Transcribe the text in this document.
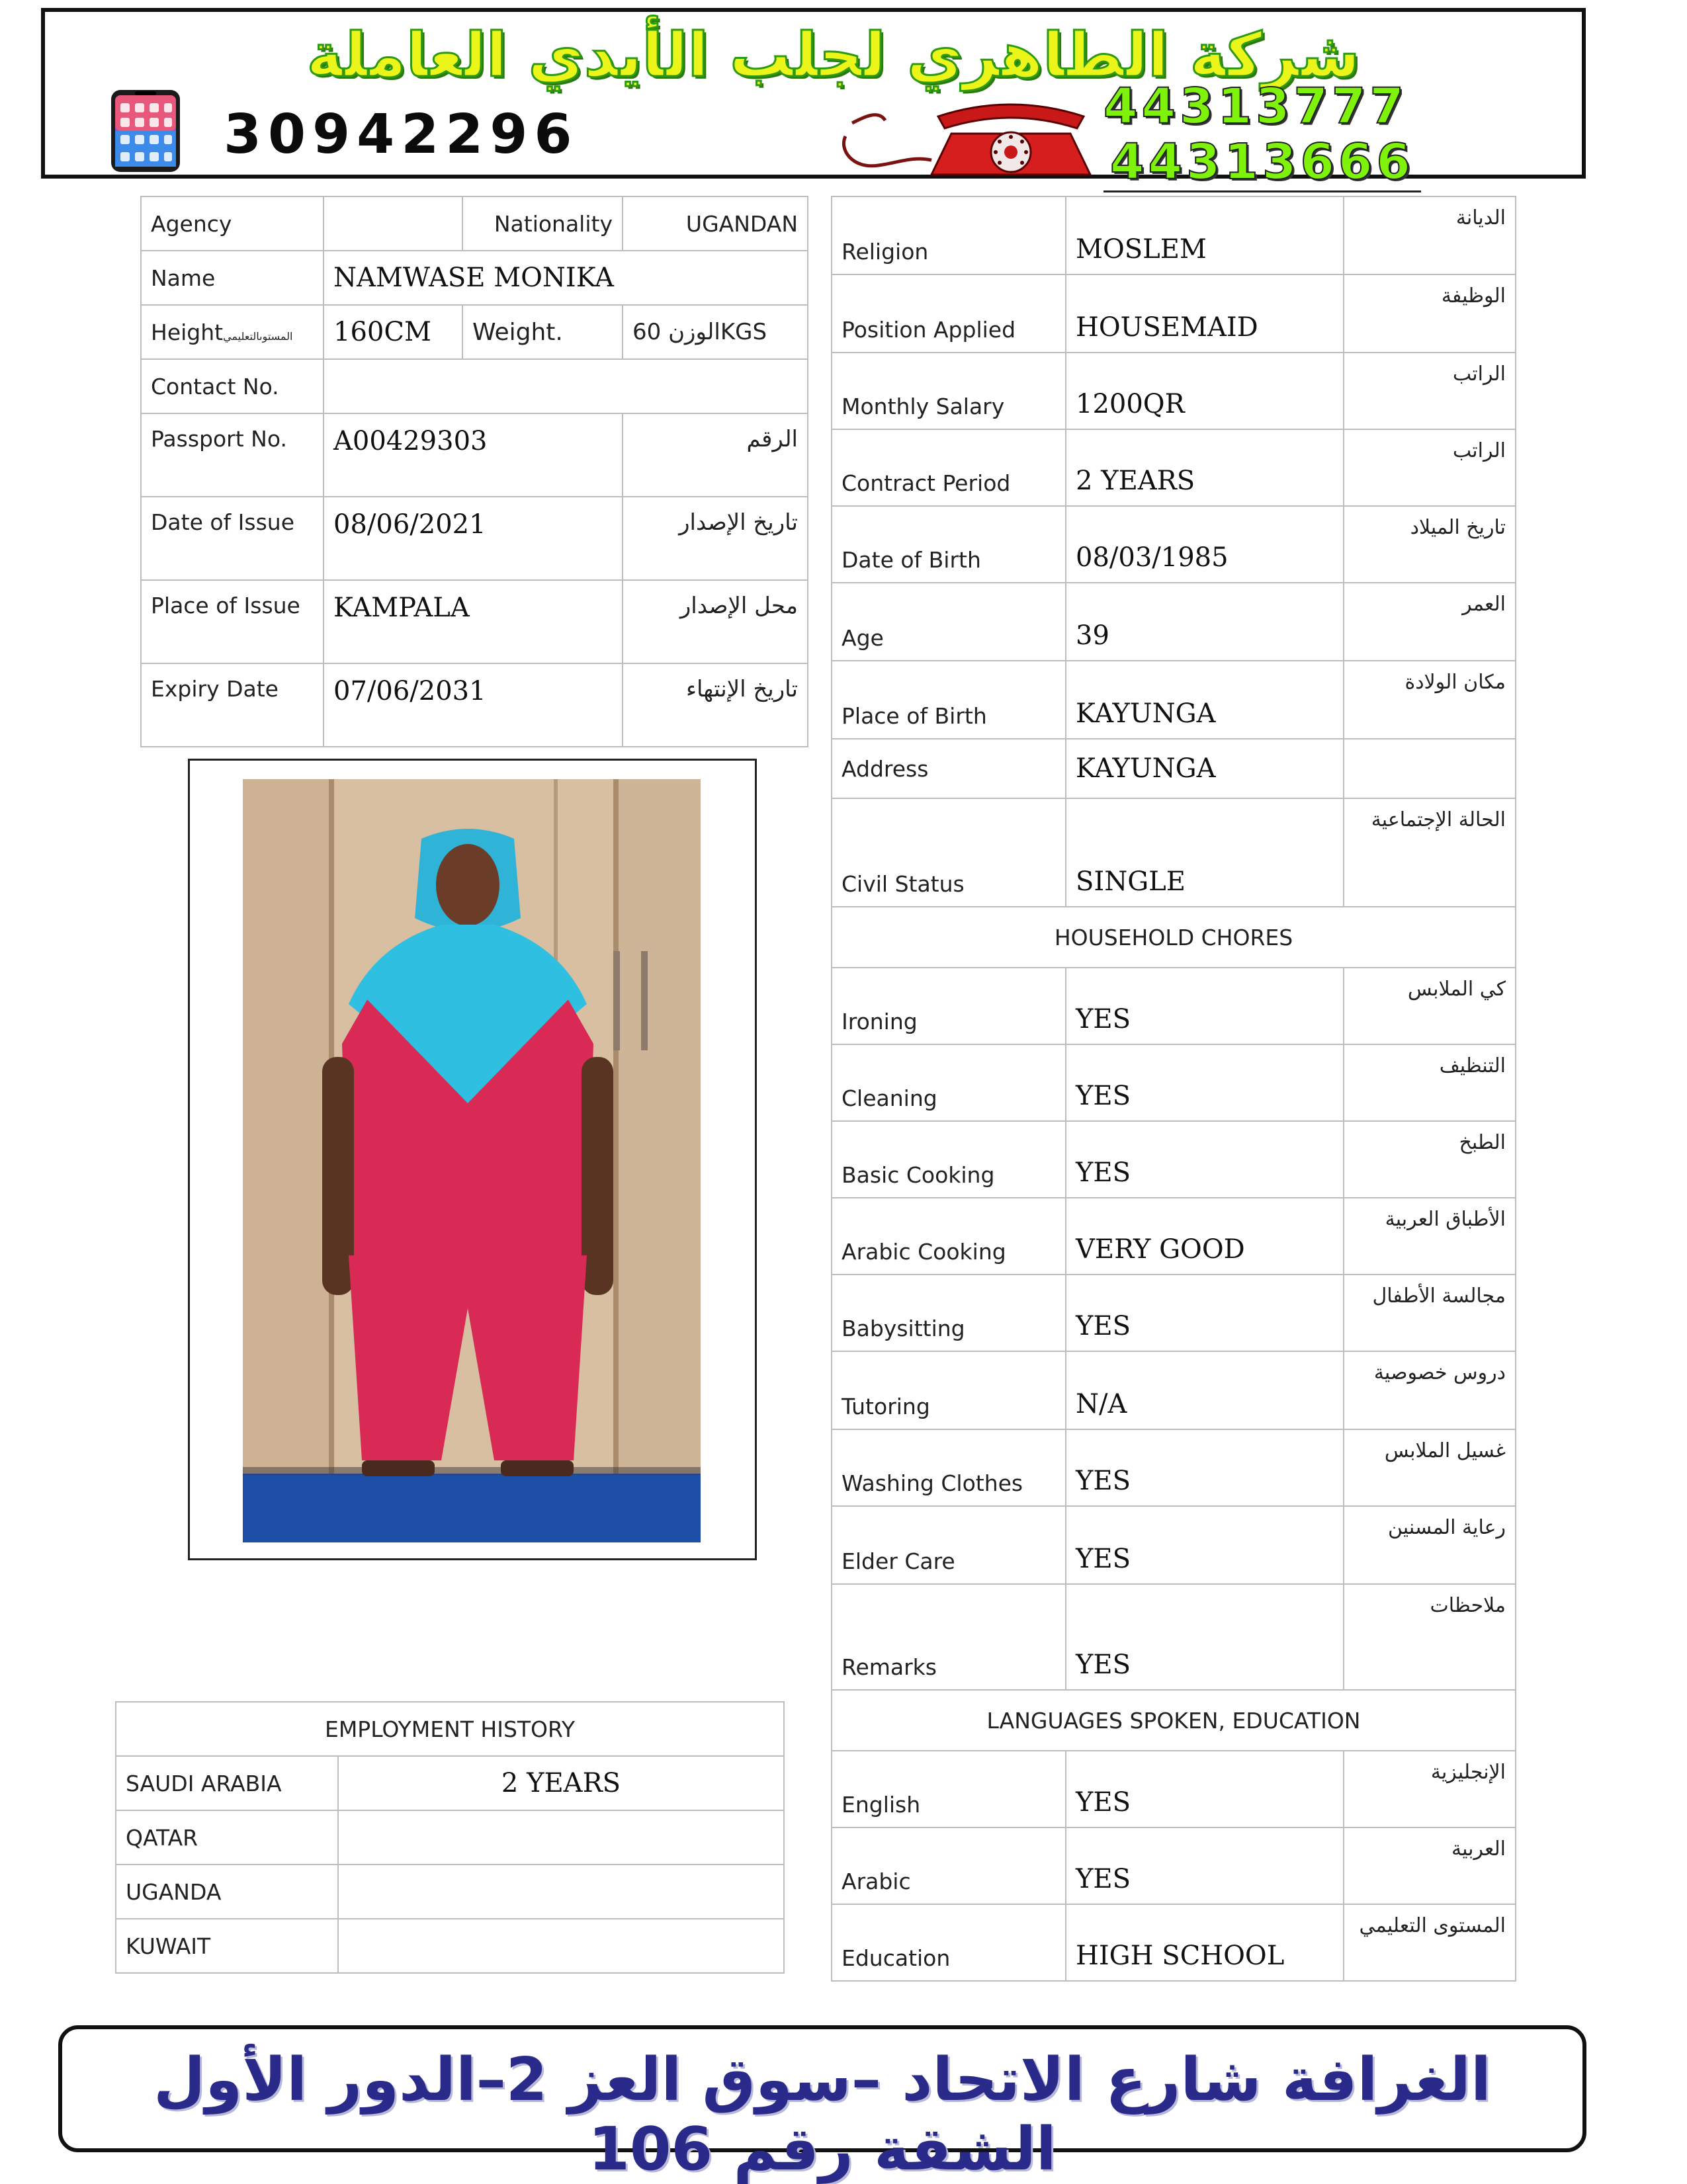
شركة الطاهري لجلب الأيدي العاملة
30942296	44313777
44313666
Agency		Nationality	UGANDAN
Name	NAMWASE MONIKA		
Heightالمستوىالتعليمي	160CM	Weight.	60 الوزنKGS
Contact No.			
Passport No.	A00429303		الرقم
Date of Issue	08/06/2021		تاريخ الإصدار
Place of Issue	KAMPALA		محل الإصدار
Expiry Date	07/06/2031		تاريخ الإنتهاء
Religion	MOSLEM	الديانة
Position Applied	HOUSEMAID	الوظيفة
Monthly Salary	1200QR	الراتب
Contract Period	2 YEARS	الراتب
Date of Birth	08/03/1985	تاريخ الميلاد
Age	39	العمر
Place of Birth	KAYUNGA	مكان الولادة
Address	KAYUNGA	
Civil Status	SINGLE	الحالة الإجتماعية
HOUSEHOLD CHORES		
Ironing	YES	كي الملابس
Cleaning	YES	التنظيف
Basic Cooking	YES	الطبخ
Arabic Cooking	VERY GOOD	الأطباق العربية
Babysitting	YES	مجالسة الأطفال
Tutoring	N/A	دروس خصوصية
Washing Clothes	YES	غسيل الملابس
Elder Care	YES	رعاية المسنين
Remarks	YES	ملاحظات
LANGUAGES SPOKEN, EDUCATION		
English	YES	الإنجليزية
Arabic	YES	العربية
Education	HIGH SCHOOL	المستوى التعليمي
EMPLOYMENT HISTORY	
SAUDI ARABIA	2 YEARS
QATAR	
UGANDA	
KUWAIT	
الغرافة شارع الاتحاد –سوق العز 2–الدور الأول الشقة رقم 106
